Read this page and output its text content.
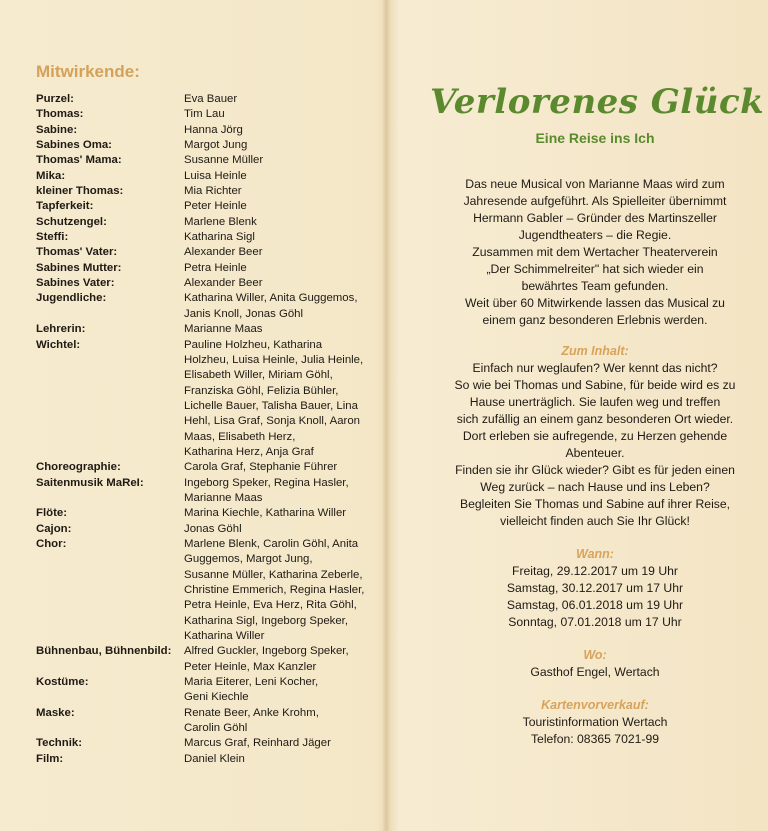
Mitwirkende:
Purzel:	Eva Bauer
Thomas:	Tim Lau
Sabine:	Hanna Jörg
Sabines Oma:	Margot Jung
Thomas' Mama:	Susanne Müller
Mika:	Luisa Heinle
kleiner Thomas:	Mia Richter
Tapferkeit:	Peter Heinle
Schutzengel:	Marlene Blenk
Steffi:	Katharina Sigl
Thomas' Vater:	Alexander Beer
Sabines Mutter:	Petra Heinle
Sabines Vater:	Alexander Beer
Jugendliche:	Katharina Willer, Anita Guggemos,
Janis Knoll, Jonas Göhl
Lehrerin:	Marianne Maas
Wichtel:	Pauline Holzheu, Katharina
Holzheu, Luisa Heinle, Julia Heinle,
Elisabeth Willer, Miriam Göhl,
Franziska Göhl, Felizia Bühler,
Lichelle Bauer, Talisha Bauer, Lina
Hehl, Lisa Graf, Sonja Knoll, Aaron
Maas, Elisabeth Herz,
Katharina Herz, Anja Graf
Choreographie:	Carola Graf, Stephanie Führer
Saitenmusik MaReI:	Ingeborg Speker, Regina Hasler,
Marianne Maas
Flöte:	Marina Kiechle, Katharina Willer
Cajon:	Jonas Göhl
Chor:	Marlene Blenk, Carolin Göhl, Anita
Guggemos, Margot Jung,
Susanne Müller, Katharina Zeberle,
Christine Emmerich, Regina Hasler,
Petra Heinle, Eva Herz, Rita Göhl,
Katharina Sigl, Ingeborg Speker,
Katharina Willer
Bühnenbau, Bühnenbild:	Alfred Guckler, Ingeborg Speker,
Peter Heinle, Max Kanzler
Kostüme:	Maria Eiterer, Leni Kocher,
Geni Kiechle
Maske:	Renate Beer, Anke Krohm,
Carolin Göhl
Technik:	Marcus Graf, Reinhard Jäger
Film:	Daniel Klein
Verlorenes Glück
Eine Reise ins Ich
Das neue Musical von Marianne Maas wird zum
Jahresende aufgeführt. Als Spielleiter übernimmt
Hermann Gabler – Gründer des Martinszeller
Jugendtheaters – die Regie.
Zusammen mit dem Wertacher Theaterverein
„Der Schimmelreiter" hat sich wieder ein
bewährtes Team gefunden.
Weit über 60 Mitwirkende lassen das Musical zu
einem ganz besonderen Erlebnis werden.
Zum Inhalt:
Einfach nur weglaufen? Wer kennt das nicht?
So wie bei Thomas und Sabine, für beide wird es zu
Hause unerträglich. Sie laufen weg und treffen
sich zufällig an einem ganz besonderen Ort wieder.
Dort erleben sie aufregende, zu Herzen gehende
Abenteuer.
Finden sie ihr Glück wieder? Gibt es für jeden einen
Weg zurück – nach Hause und ins Leben?
Begleiten Sie Thomas und Sabine auf ihrer Reise,
vielleicht finden auch Sie Ihr Glück!
Wann:
Freitag, 29.12.2017 um 19 Uhr
Samstag, 30.12.2017 um 17 Uhr
Samstag, 06.01.2018 um 19 Uhr
Sonntag, 07.01.2018 um 17 Uhr
Wo:
Gasthof Engel, Wertach
Kartenvorverkauf:
Touristinformation Wertach
Telefon: 08365 7021-99
